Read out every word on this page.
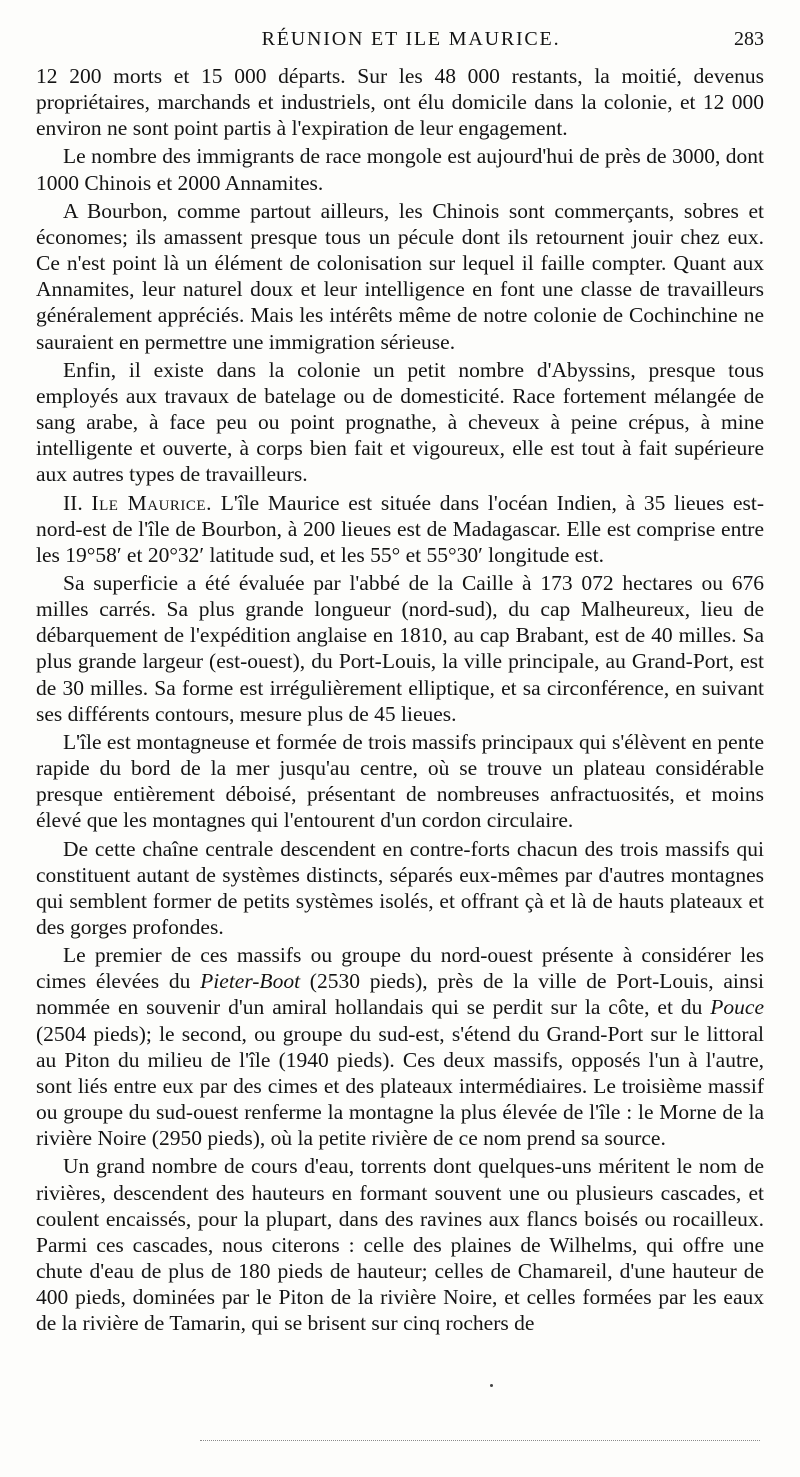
RÉUNION ET ILE MAURICE.	283

12 200 morts et 15 000 départs. Sur les 48 000 restants, la moitié, devenus propriétaires, marchands et industriels, ont élu domicile dans la colonie, et 12 000 environ ne sont point partis à l'expiration de leur engagement.

Le nombre des immigrants de race mongole est aujourd'hui de près de 3000, dont 1000 Chinois et 2000 Annamites.

A Bourbon, comme partout ailleurs, les Chinois sont commerçants, sobres et économes; ils amassent presque tous un pécule dont ils retournent jouir chez eux. Ce n'est point là un élément de colonisation sur lequel il faille compter. Quant aux Annamites, leur naturel doux et leur intelligence en font une classe de travailleurs généralement appréciés. Mais les intérêts même de notre colonie de Cochinchine ne sauraient en permettre une immigration sérieuse.

Enfin, il existe dans la colonie un petit nombre d'Abyssins, presque tous employés aux travaux de batelage ou de domesticité. Race fortement mélangée de sang arabe, à face peu ou point prognathe, à cheveux à peine crépus, à mine intelligente et ouverte, à corps bien fait et vigoureux, elle est tout à fait supérieure aux autres types de travailleurs.

II. Ile Maurice. L'île Maurice est située dans l'océan Indien, à 35 lieues est-nord-est de l'île de Bourbon, à 200 lieues est de Madagascar. Elle est comprise entre les 19°58′ et 20°32′ latitude sud, et les 55° et 55°30′ longitude est.

Sa superficie a été évaluée par l'abbé de la Caille à 173 072 hectares ou 676 milles carrés. Sa plus grande longueur (nord-sud), du cap Malheureux, lieu de débarquement de l'expédition anglaise en 1810, au cap Brabant, est de 40 milles. Sa plus grande largeur (est-ouest), du Port-Louis, la ville principale, au Grand-Port, est de 30 milles. Sa forme est irrégulièrement elliptique, et sa circonférence, en suivant ses différents contours, mesure plus de 45 lieues.

L'île est montagneuse et formée de trois massifs principaux qui s'élèvent en pente rapide du bord de la mer jusqu'au centre, où se trouve un plateau considérable presque entièrement déboisé, présentant de nombreuses anfractuosités, et moins élevé que les montagnes qui l'entourent d'un cordon circulaire.

De cette chaîne centrale descendent en contre-forts chacun des trois massifs qui constituent autant de systèmes distincts, séparés eux-mêmes par d'autres montagnes qui semblent former de petits systèmes isolés, et offrant çà et là de hauts plateaux et des gorges profondes.

Le premier de ces massifs ou groupe du nord-ouest présente à considérer les cimes élevées du Pieter-Boot (2530 pieds), près de la ville de Port-Louis, ainsi nommée en souvenir d'un amiral hollandais qui se perdit sur la côte, et du Pouce (2504 pieds); le second, ou groupe du sud-est, s'étend du Grand-Port sur le littoral au Piton du milieu de l'île (1940 pieds). Ces deux massifs, opposés l'un à l'autre, sont liés entre eux par des cimes et des plateaux intermédiaires. Le troisième massif ou groupe du sud-ouest renferme la montagne la plus élevée de l'île : le Morne de la rivière Noire (2950 pieds), où la petite rivière de ce nom prend sa source.

Un grand nombre de cours d'eau, torrents dont quelques-uns méritent le nom de rivières, descendent des hauteurs en formant souvent une ou plusieurs cascades, et coulent encaissés, pour la plupart, dans des ravines aux flancs boisés ou rocailleux. Parmi ces cascades, nous citerons : celle des plaines de Wilhelms, qui offre une chute d'eau de plus de 180 pieds de hauteur; celles de Chamareil, d'une hauteur de 400 pieds, dominées par le Piton de la rivière Noire, et celles formées par les eaux de la rivière de Tamarin, qui se brisent sur cinq rochers de
